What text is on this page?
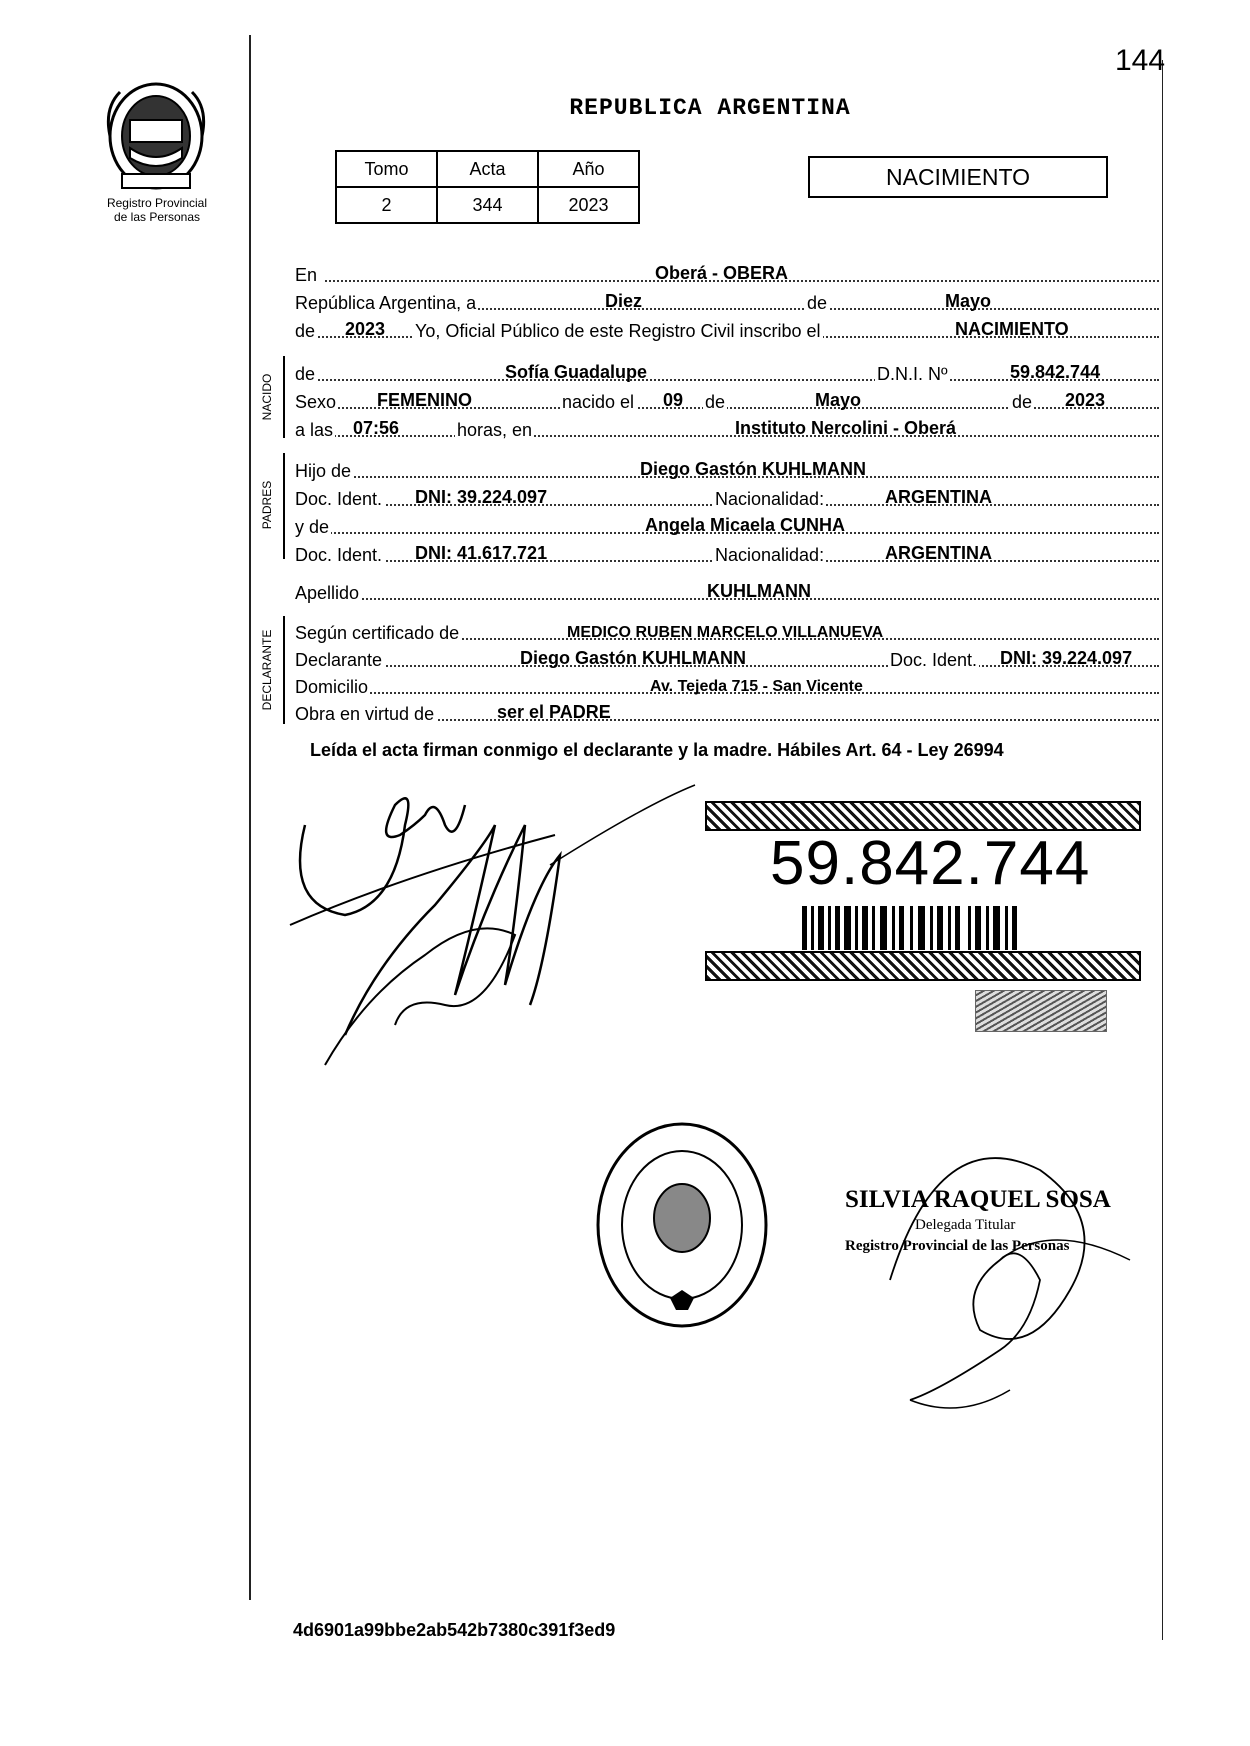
144
Registro Provincial
de las Personas
REPUBLICA ARGENTINA
Tomo	Acta	Año
2	344	2023
NACIMIENTO
En	Oberá - OBERA
República Argentina, a	Diez	de	Mayo
de 2023 Yo, Oficial Público de este Registro Civil inscribo el	NACIMIENTO
NACIDO de	Sofía Guadalupe	D.N.I. Nº	59.842.744
Sexo FEMENINO	nacido el 09 de	Mayo	de 2023
a las 07:56	horas, en	Instituto Nercolini - Oberá
PADRES
Hijo de	Diego Gastón KUHLMANN
Doc. Ident. DNI: 39.224.097	Nacionalidad:	ARGENTINA
y de	Angela Micaela CUNHA
Doc. Ident. DNI: 41.617.721	Nacionalidad:	ARGENTINA
Apellido	KUHLMANN
DECLARANTE Según certificado de	MEDICO RUBEN MARCELO VILLANUEVA
Declarante	Diego Gastón KUHLMANN	Doc. Ident. DNI: 39.224.097
Domicilio	Av. Tejeda 715 - San Vicente
Obra en virtud de	ser el PADRE
Leída el acta firman conmigo el declarante y la madre. Hábiles Art. 64 - Ley 26994
59.842.744
SILVIA RAQUEL SOSA
Delegada Titular
Registro Provincial de las Personas
4d6901a99bbe2ab542b7380c391f3ed9
